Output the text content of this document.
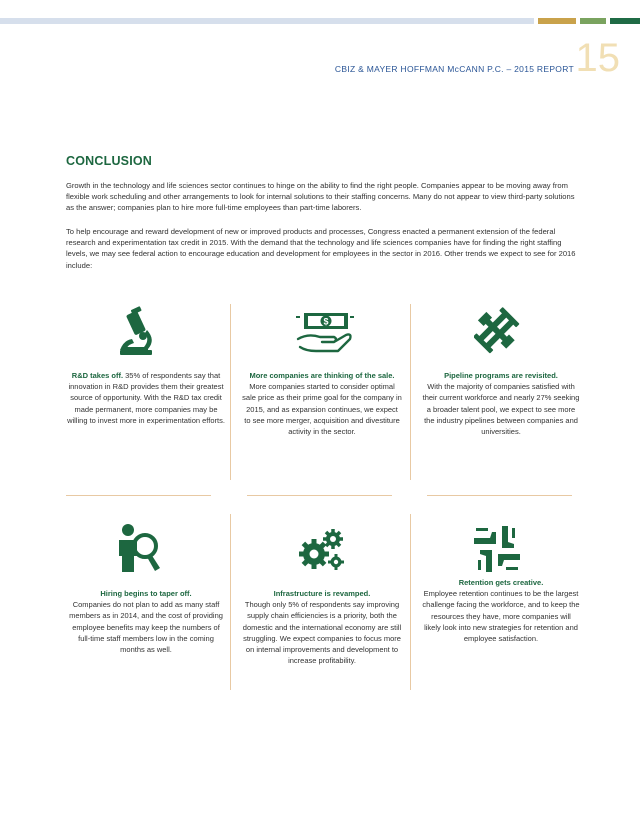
CBIZ & MAYER HOFFMAN McCANN P.C. – 2015 REPORT 15
CONCLUSION

Growth in the technology and life sciences sector continues to hinge on the ability to find the right people. Companies appear to be moving away from flexible work scheduling and other arrangements to look for internal solutions to their staffing concerns. Many do not appear to view third-party solutions as the answer; companies plan to hire more full-time employees than part-time laborers.

To help encourage and reward development of new or improved products and processes, Congress enacted a permanent extension of the federal research and experimentation tax credit in 2015. With the demand that the technology and life sciences companies have for finding the right staffing levels, we may see federal action to encourage education and development for employees in the sector in 2016. Other trends we expect to see for 2016 include:

$
R&D takes off. 35% of respondents say that innovation in R&D provides them their greatest source of opportunity. With the R&D tax credit made permanent, more companies may be willing to invest more in experimentation efforts.
More companies are thinking of the sale. More companies started to consider optimal sale price as their prime goal for the company in 2015, and as expansion continues, we expect to see more merger, acquisition and divestiture activity in the sector.
Pipeline programs are revisited.
With the majority of companies satisfied with their current workforce and nearly 27% seeking a broader talent pool, we expect to see more the industry pipelines between companies and universities.
Hiring begins to taper off.
Companies do not plan to add as many staff members as in 2014, and the cost of providing employee benefits may keep the numbers of full-time staff members low in the coming months as well.
Infrastructure is revamped.
Though only 5% of respondents say improving supply chain efficiencies is a priority, both the domestic and the international economy are still struggling. We expect companies to focus more on internal improvements and development to increase profitability.
Retention gets creative.
Employee retention continues to be the largest challenge facing the workforce, and to keep the resources they have, more companies will likely look into new strategies for retention and employee satisfaction.
